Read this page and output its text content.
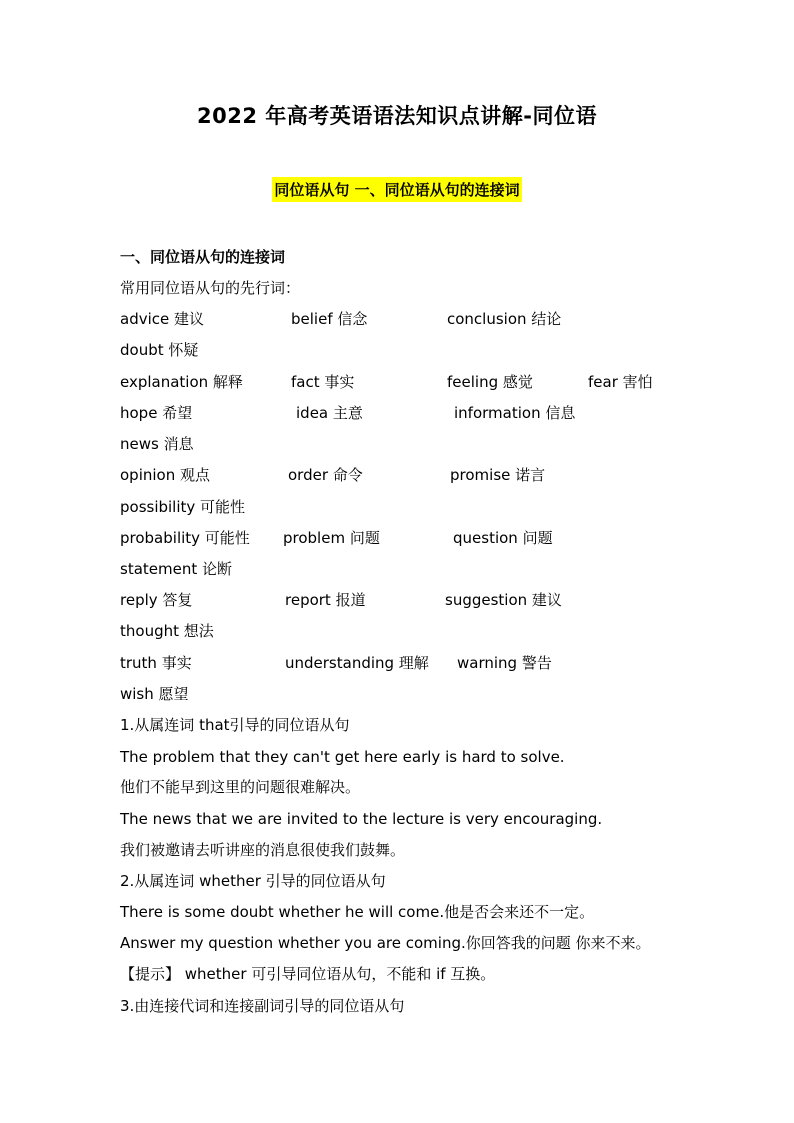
2022 年高考英语语法知识点讲解-同位语
同位语从句 一、同位语从句的连接词
一、同位语从句的连接词
常用同位语从句的先行词：
advice 建议	belief 信念	conclusion 结论
doubt 怀疑
explanation 解释	fact 事实	feeling 感觉	fear 害怕
hope 希望	idea 主意	information 信息
news 消息
opinion 观点	order 命令	promise 诺言
possibility 可能性
probability 可能性 problem 问题	question 问题
statement 论断
reply 答复	report 报道	suggestion 建议
thought 想法
truth 事实	understanding 理解 warning 警告
wish 愿望
1.从属连词 that引导的同位语从句
The problem that they can't get here early is hard to solve.
他们不能早到这里的问题很难解决。
The news that we are invited to the lecture is very encouraging.
我们被邀请去听讲座的消息很使我们鼓舞。
2.从属连词 whether 引导的同位语从句
There is some doubt whether he will come.他是否会来还不一定。
Answer my question whether you are coming.你回答我的问题 你来不来。
【提示】 whether 可引导同位语从句，不能和 if 互换。
3.由连接代词和连接副词引导的同位语从句
